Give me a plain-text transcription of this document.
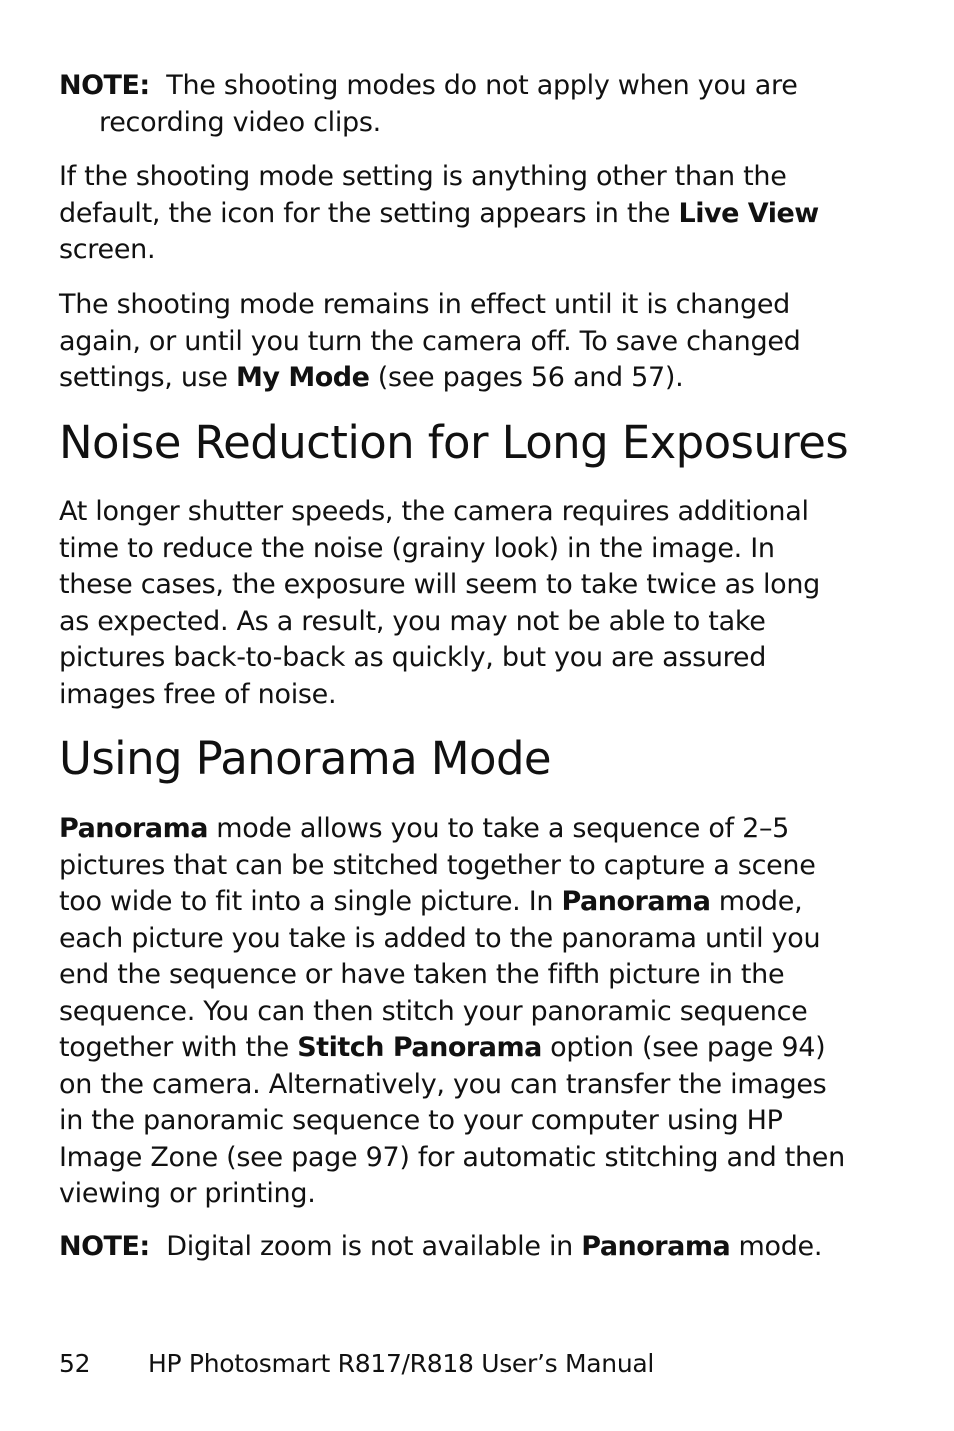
NOTE: The shooting modes do not apply when you are recording video clips.
If the shooting mode setting is anything other than the default, the icon for the setting appears in the Live View screen.
The shooting mode remains in effect until it is changed again, or until you turn the camera off. To save changed settings, use My Mode (see pages 56 and 57).
Noise Reduction for Long Exposures
At longer shutter speeds, the camera requires additional time to reduce the noise (grainy look) in the image. In these cases, the exposure will seem to take twice as long as expected. As a result, you may not be able to take pictures back-to-back as quickly, but you are assured images free of noise.
Using Panorama Mode
Panorama mode allows you to take a sequence of 2–5 pictures that can be stitched together to capture a scene too wide to fit into a single picture. In Panorama mode, each picture you take is added to the panorama until you end the sequence or have taken the fifth picture in the sequence. You can then stitch your panoramic sequence together with the Stitch Panorama option (see page 94) on the camera. Alternatively, you can transfer the images in the panoramic sequence to your computer using HP Image Zone (see page 97) for automatic stitching and then viewing or printing.
NOTE: Digital zoom is not available in Panorama mode.
52 HP Photosmart R817/R818 User’s Manual
